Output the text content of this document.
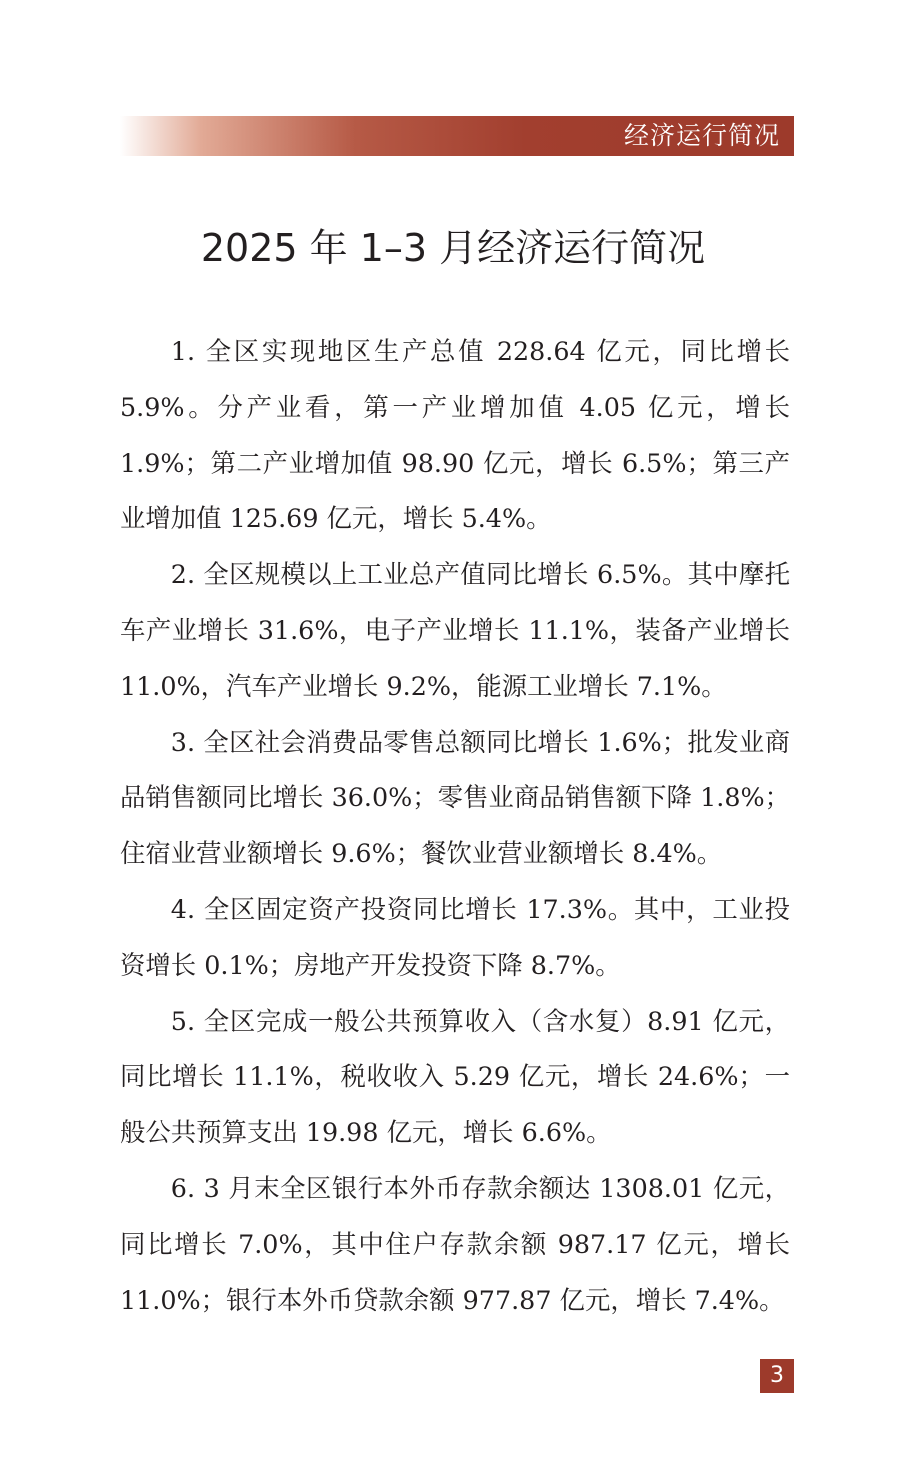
经济运行简况
2025 年 1–3 月经济运行简况

1. 全区实现地区生产总值 228.64 亿元，同比增长 5.9%。分产业看，第一产业增加值 4.05 亿元，增长 1.9%；第二产业增加值 98.90 亿元，增长 6.5%；第三产业增加值 125.69 亿元，增长 5.4%。

2. 全区规模以上工业总产值同比增长 6.5%。其中摩托车产业增长 31.6%，电子产业增长 11.1%，装备产业增长 11.0%，汽车产业增长 9.2%，能源工业增长 7.1%。

3. 全区社会消费品零售总额同比增长 1.6%；批发业商品销售额同比增长 36.0%；零售业商品销售额下降 1.8%；住宿业营业额增长 9.6%；餐饮业营业额增长 8.4%。

4. 全区固定资产投资同比增长 17.3%。其中，工业投资增长 0.1%；房地产开发投资下降 8.7%。

5. 全区完成一般公共预算收入（含水复）8.91 亿元，同比增长 11.1%，税收收入 5.29 亿元，增长 24.6%；一般公共预算支出 19.98 亿元，增长 6.6%。

6. 3 月末全区银行本外币存款余额达 1308.01 亿元，同比增长 7.0%，其中住户存款余额 987.17 亿元，增长 11.0%；银行本外币贷款余额 977.87 亿元，增长 7.4%。

3
